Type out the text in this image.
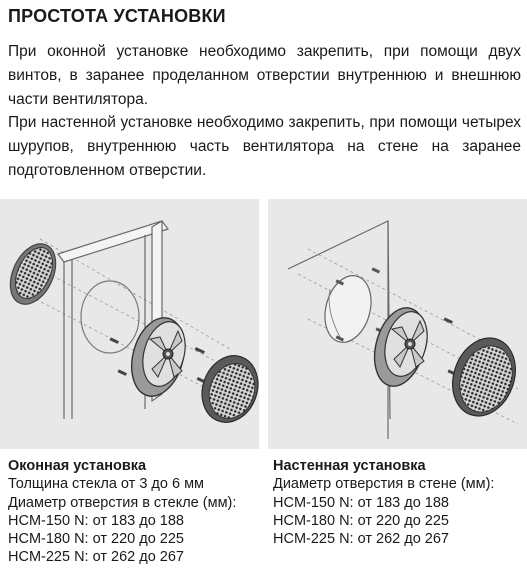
ПРОСТОТА УСТАНОВКИ

При оконной установке необходимо закрепить, при помощи двух винтов, в заранее проделанном отверстии внутреннюю и внешнюю части вентилятора.

При настенной установке необходимо закрепить, при помощи четырех шурупов, внутреннюю часть вентилятора на стене на заранее подготовленном отверстии.

Оконная установка
Толщина стекла от 3 до 6 мм
Диаметр отверстия в стекле (мм):
HCM-150 N: от 183 до 188
HCM-180 N: от 220 до 225
HCM-225 N: от 262 до 267
Настенная установка
Диаметр отверстия в стене (мм):
HCM-150 N: от 183 до 188
HCM-180 N: от 220 до 225
HCM-225 N: от 262 до 267
